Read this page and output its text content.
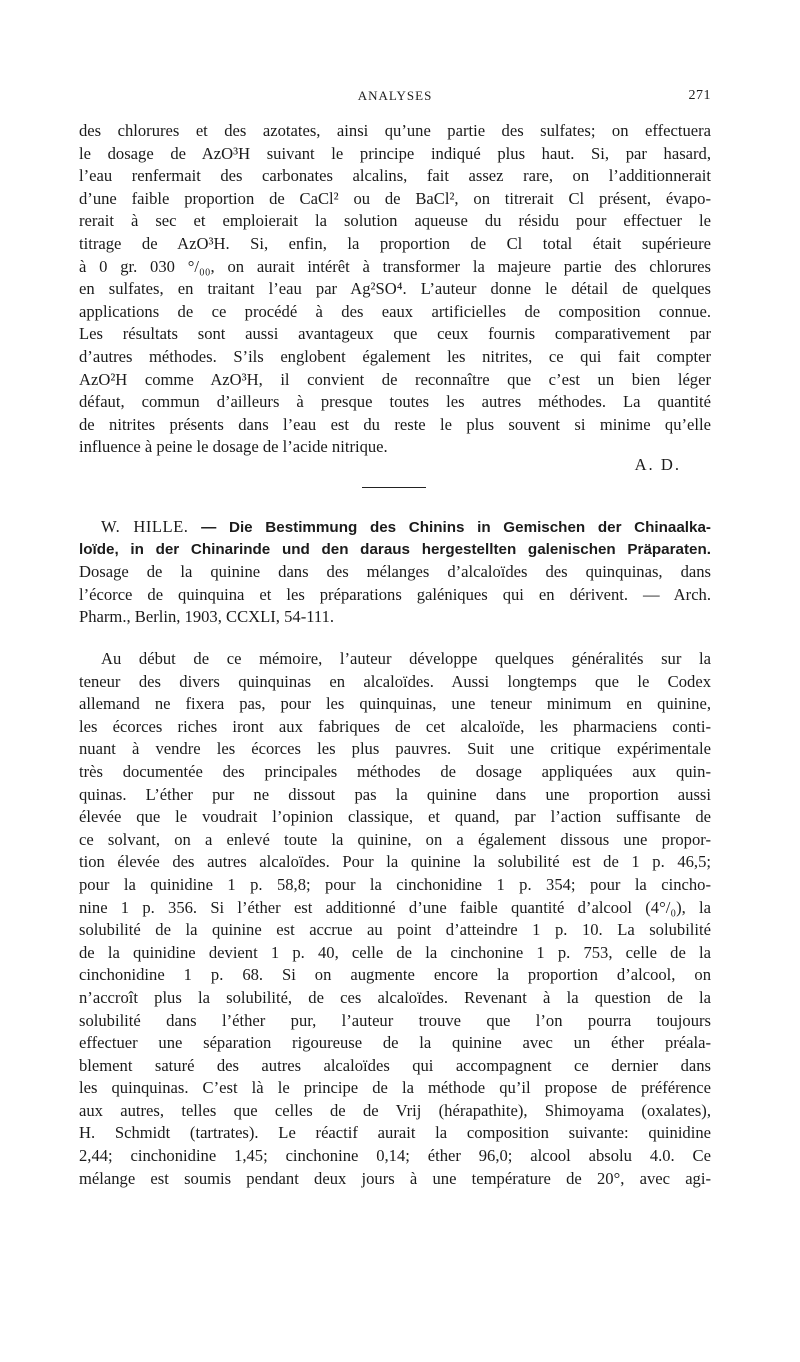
ANALYSES	271
des chlorures et des azotates, ainsi qu’une partie des sulfates; on effectuera
le dosage de AzO³H suivant le principe indiqué plus haut. Si, par hasard,
l’eau renfermait des carbonates alcalins, fait assez rare, on l’additionnerait
d’une faible proportion de CaCl² ou de BaCl², on titrerait Cl présent, évapo-
rerait à sec et emploierait la solution aqueuse du résidu pour effectuer le
titrage de AzO³H. Si, enfin, la proportion de Cl total était supérieure
à 0 gr. 030 °/₀₀, on aurait intérêt à transformer la majeure partie des chlorures
en sulfates, en traitant l’eau par Ag²SO⁴. L’auteur donne le détail de quelques
applications de ce procédé à des eaux artificielles de composition connue.
Les résultats sont aussi avantageux que ceux fournis comparativement par
d’autres méthodes. S’ils englobent également les nitrites, ce qui fait compter
AzO²H comme AzO³H, il convient de reconnaître que c’est un bien léger
défaut, commun d’ailleurs à presque toutes les autres méthodes. La quantité
de nitrites présents dans l’eau est du reste le plus souvent si minime qu’elle
influence à peine le dosage de l’acide nitrique.
A. D.
W. HILLE. — Die Bestimmung des Chinins in Gemischen der Chinaalka-
loïde, in der Chinarinde und den daraus hergestellten galenischen Präparaten.
Dosage de la quinine dans des mélanges d’alcaloïdes des quinquinas, dans
l’écorce de quinquina et les préparations galéniques qui en dérivent. — Arch.
Pharm., Berlin, 1903, CCXLI, 54-111.
Au début de ce mémoire, l’auteur développe quelques généralités sur la
teneur des divers quinquinas en alcaloïdes. Aussi longtemps que le Codex
allemand ne fixera pas, pour les quinquinas, une teneur minimum en quinine,
les écorces riches iront aux fabriques de cet alcaloïde, les pharmaciens conti-
nuant à vendre les écorces les plus pauvres. Suit une critique expérimentale
très documentée des principales méthodes de dosage appliquées aux quin-
quinas. L’éther pur ne dissout pas la quinine dans une proportion aussi
élevée que le voudrait l’opinion classique, et quand, par l’action suffisante de
ce solvant, on a enlevé toute la quinine, on a également dissous une propor-
tion élevée des autres alcaloïdes. Pour la quinine la solubilité est de 1 p. 46,5;
pour la quinidine 1 p. 58,8; pour la cinchonidine 1 p. 354; pour la cincho-
nine 1 p. 356. Si l’éther est additionné d’une faible quantité d’alcool (4°/₀), la
solubilité de la quinine est accrue au point d’atteindre 1 p. 10. La solubilité
de la quinidine devient 1 p. 40, celle de la cinchonine 1 p. 753, celle de la
cinchonidine 1 p. 68. Si on augmente encore la proportion d’alcool, on
n’accroît plus la solubilité, de ces alcaloïdes. Revenant à la question de la
solubilité dans l’éther pur, l’auteur trouve que l’on pourra toujours
effectuer une séparation rigoureuse de la quinine avec un éther préala-
blement saturé des autres alcaloïdes qui accompagnent ce dernier dans
les quinquinas. C’est là le principe de la méthode qu’il propose de préférence
aux autres, telles que celles de de Vrij (hérapathite), Shimoyama (oxalates),
H. Schmidt (tartrates). Le réactif aurait la composition suivante: quinidine
2,44; cinchonidine 1,45; cinchonine 0,14; éther 96,0; alcool absolu 4.0. Ce
mélange est soumis pendant deux jours à une température de 20°, avec agi-
